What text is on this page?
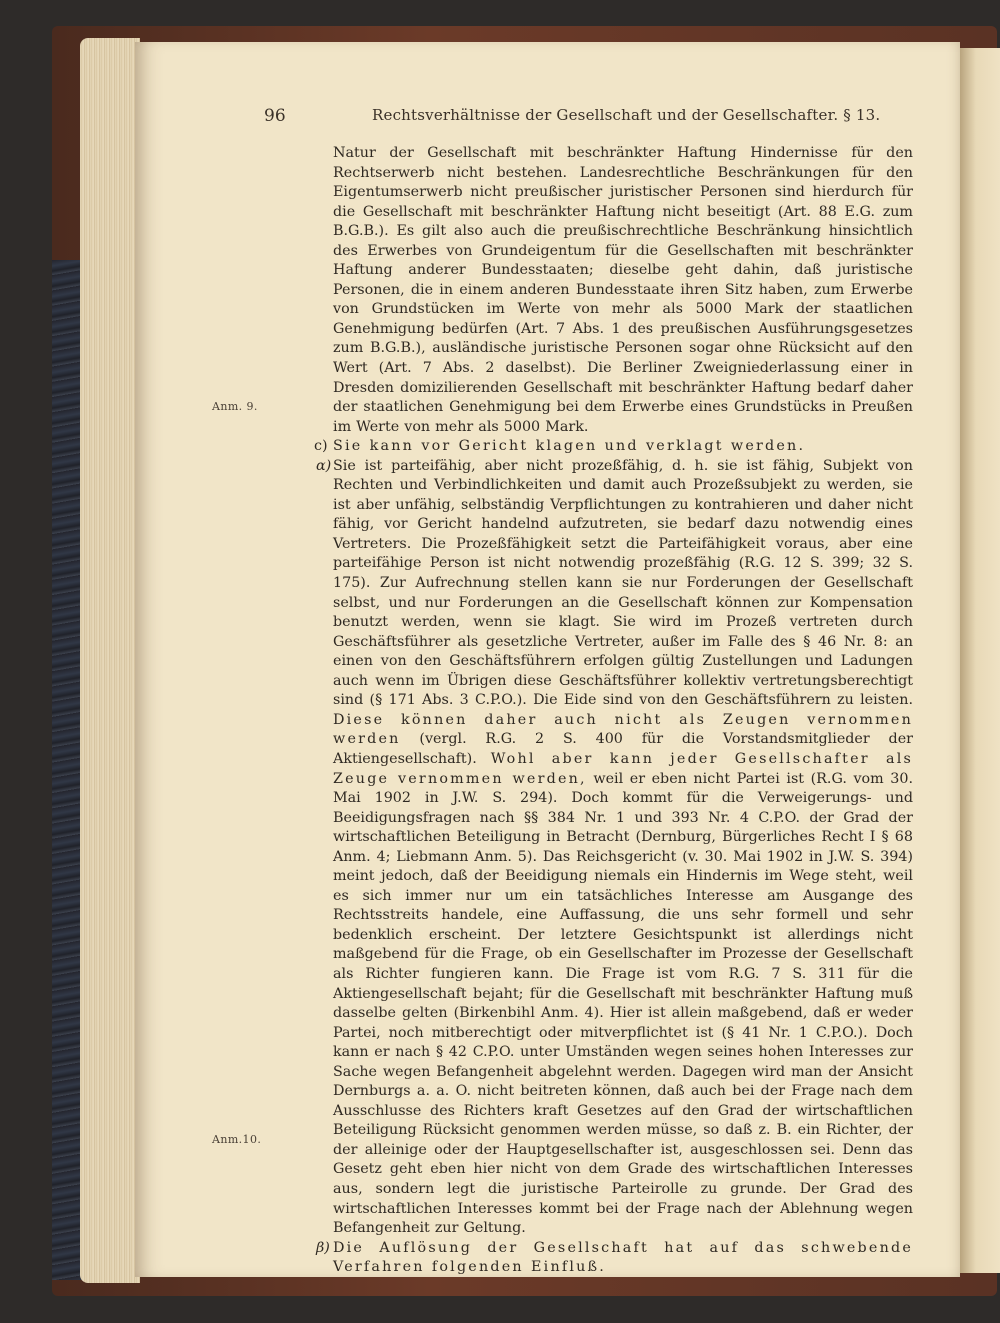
96	Rechtsverhältnisse der Gesellschaft und der Gesellschafter. § 13.
Anm. 9.
Anm.10.

Natur der Gesellschaft mit beschränkter Haftung Hindernisse für den Rechtserwerb nicht bestehen. Landesrechtliche Beschränkungen für den Eigentumserwerb nicht preußischer juristischer Personen sind hierdurch für die Gesellschaft mit beschränkter Haftung nicht beseitigt (Art. 88 E.G. zum B.G.B.). Es gilt also auch die preußischrechtliche Beschränkung hinsichtlich des Erwerbes von Grundeigentum für die Gesellschaften mit beschränkter Haftung anderer Bundesstaaten; dieselbe geht dahin, daß juristische Personen, die in einem anderen Bundesstaate ihren Sitz haben, zum Erwerbe von Grundstücken im Werte von mehr als 5000 Mark der staatlichen Genehmigung bedürfen (Art. 7 Abs. 1 des preußischen Ausführungsgesetzes zum B.G.B.), ausländische juristische Personen sogar ohne Rücksicht auf den Wert (Art. 7 Abs. 2 daselbst). Die Berliner Zweigniederlassung einer in Dresden domizilierenden Gesellschaft mit beschränkter Haftung bedarf daher der staatlichen Genehmigung bei dem Erwerbe eines Grundstücks in Preußen im Werte von mehr als 5000 Mark.

c) Sie kann vor Gericht klagen und verklagt werden.

α) Sie ist parteifähig, aber nicht prozeßfähig, d. h. sie ist fähig, Subjekt von Rechten und Verbindlichkeiten und damit auch Prozeßsubjekt zu werden, sie ist aber unfähig, selbständig Verpflichtungen zu kontrahieren und daher nicht fähig, vor Gericht handelnd aufzutreten, sie bedarf dazu notwendig eines Vertreters. Die Prozeßfähigkeit setzt die Parteifähigkeit voraus, aber eine parteifähige Person ist nicht notwendig prozeßfähig (R.G. 12 S. 399; 32 S. 175). Zur Aufrechnung stellen kann sie nur Forderungen der Gesellschaft selbst, und nur Forderungen an die Gesellschaft können zur Kompensation benutzt werden, wenn sie klagt. Sie wird im Prozeß vertreten durch Geschäftsführer als gesetzliche Vertreter, außer im Falle des § 46 Nr. 8: an einen von den Geschäftsführern erfolgen gültig Zustellungen und Ladungen auch wenn im Übrigen diese Geschäftsführer kollektiv vertretungsberechtigt sind (§ 171 Abs. 3 C.P.O.). Die Eide sind von den Geschäftsführern zu leisten. Diese können daher auch nicht als Zeugen vernommen werden (vergl. R.G. 2 S. 400 für die Vorstandsmitglieder der Aktiengesellschaft). Wohl aber kann jeder Gesellschafter als Zeuge vernommen werden, weil er eben nicht Partei ist (R.G. vom 30. Mai 1902 in J.W. S. 294). Doch kommt für die Verweigerungs- und Beeidigungsfragen nach §§ 384 Nr. 1 und 393 Nr. 4 C.P.O. der Grad der wirtschaftlichen Beteiligung in Betracht (Dernburg, Bürgerliches Recht I § 68 Anm. 4; Liebmann Anm. 5). Das Reichsgericht (v. 30. Mai 1902 in J.W. S. 394) meint jedoch, daß der Beeidigung niemals ein Hindernis im Wege steht, weil es sich immer nur um ein tatsächliches Interesse am Ausgange des Rechtsstreits handele, eine Auffassung, die uns sehr formell und sehr bedenklich erscheint. Der letztere Gesichtspunkt ist allerdings nicht maßgebend für die Frage, ob ein Gesellschafter im Prozesse der Gesellschaft als Richter fungieren kann. Die Frage ist vom R.G. 7 S. 311 für die Aktiengesellschaft bejaht; für die Gesellschaft mit beschränkter Haftung muß dasselbe gelten (Birkenbihl Anm. 4). Hier ist allein maßgebend, daß er weder Partei, noch mitberechtigt oder mitverpflichtet ist (§ 41 Nr. 1 C.P.O.). Doch kann er nach § 42 C.P.O. unter Umständen wegen seines hohen Interesses zur Sache wegen Befangenheit abgelehnt werden. Dagegen wird man der Ansicht Dernburgs a. a. O. nicht beitreten können, daß auch bei der Frage nach dem Ausschlusse des Richters kraft Gesetzes auf den Grad der wirtschaftlichen Beteiligung Rücksicht genommen werden müsse, so daß z. B. ein Richter, der der alleinige oder der Hauptgesellschafter ist, ausgeschlossen sei. Denn das Gesetz geht eben hier nicht von dem Grade des wirtschaftlichen Interesses aus, sondern legt die juristische Parteirolle zu grunde. Der Grad des wirtschaftlichen Interesses kommt bei der Frage nach der Ablehnung wegen Befangenheit zur Geltung.

β) Die Auflösung der Gesellschaft hat auf das schwebende Verfahren folgenden Einfluß.
